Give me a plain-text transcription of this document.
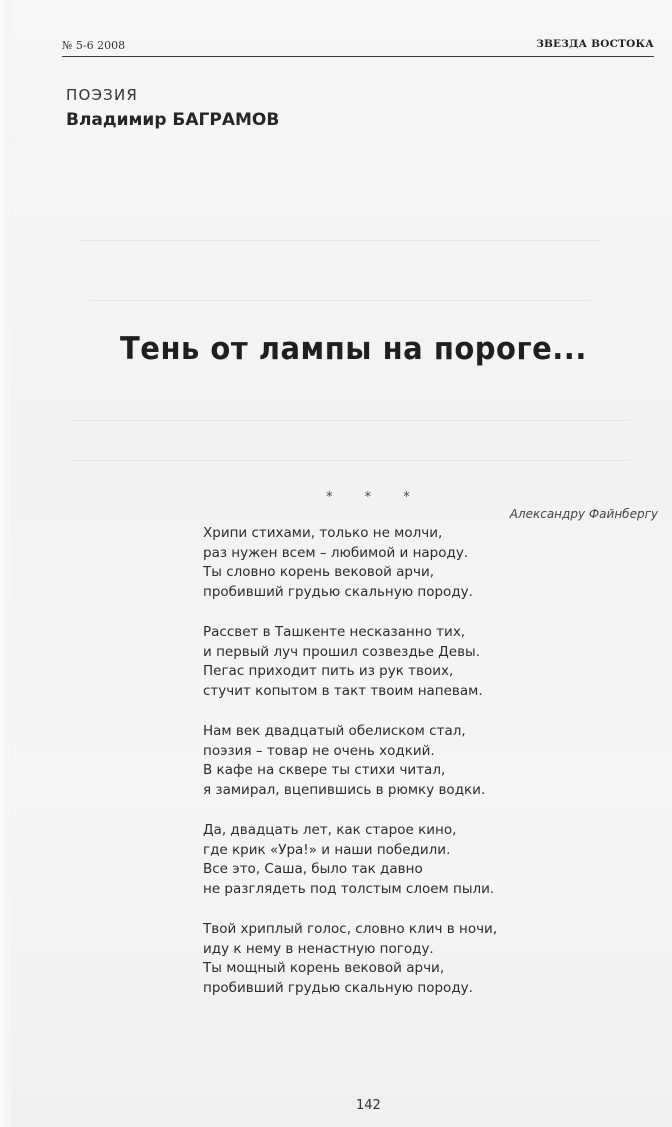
№ 5-6 2008	ЗВЕЗДА ВОСТОКА
ПОЭЗИЯ
Владимир БАГРАМОВ
Тень от лампы на пороге...
* * *
Александру Файнбергу
Хрипи стихами, только не молчи,
раз нужен всем – любимой и народу.
Ты словно корень вековой арчи,
пробивший грудью скальную породу.
Рассвет в Ташкенте несказанно тих,
и первый луч прошил созвездье Девы.
Пегас приходит пить из рук твоих,
стучит копытом в такт твоим напевам.
Нам век двадцатый обелиском стал,
поэзия – товар не очень ходкий.
В кафе на сквере ты стихи читал,
я замирал, вцепившись в рюмку водки.
Да, двадцать лет, как старое кино,
где крик «Ура!» и наши победили.
Все это, Саша, было так давно
не разглядеть под толстым слоем пыли.
Твой хриплый голос, словно клич в ночи,
иду к нему в ненастную погоду.
Ты мощный корень вековой арчи,
пробивший грудью скальную породу.
142
